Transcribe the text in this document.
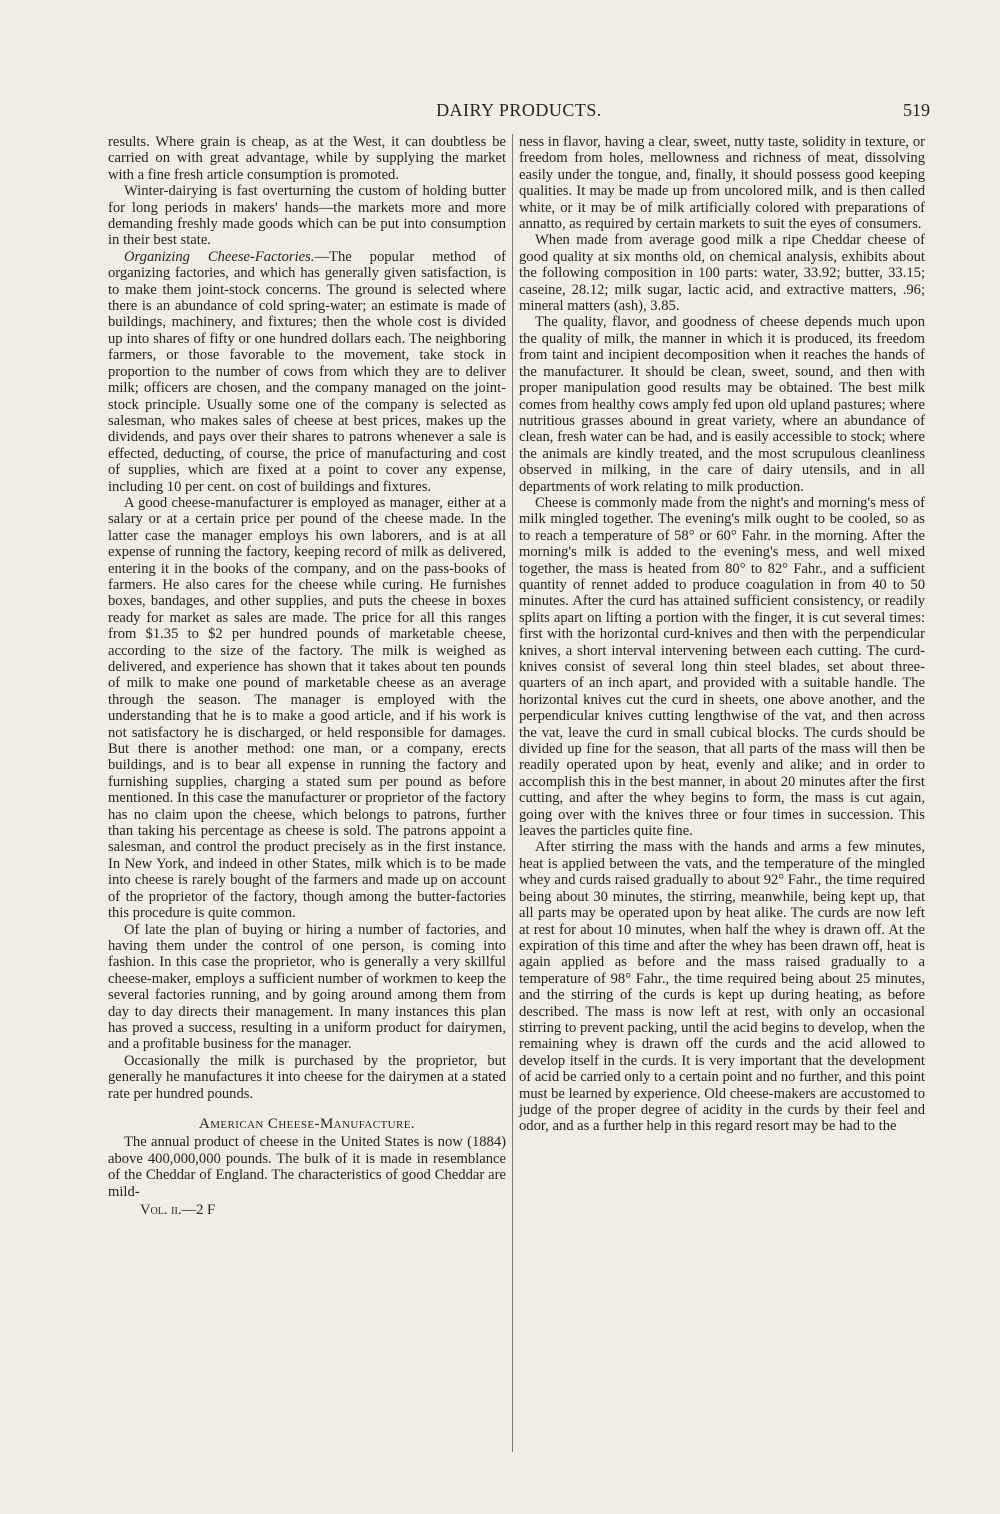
DAIRY PRODUCTS.	519

results. Where grain is cheap, as at the West, it can doubtless be carried on with great advantage, while by supplying the market with a fine fresh article consumption is promoted.

Winter-dairying is fast overturning the custom of holding butter for long periods in makers' hands—the markets more and more demanding freshly made goods which can be put into consumption in their best state.

Organizing Cheese-Factories.—The popular method of organizing factories, and which has generally given satisfaction, is to make them joint-stock concerns. The ground is selected where there is an abundance of cold spring-water; an estimate is made of buildings, machinery, and fixtures; then the whole cost is divided up into shares of fifty or one hundred dollars each. The neighboring farmers, or those favorable to the movement, take stock in proportion to the number of cows from which they are to deliver milk; officers are chosen, and the company managed on the joint-stock principle. Usually some one of the company is selected as salesman, who makes sales of cheese at best prices, makes up the dividends, and pays over their shares to patrons whenever a sale is effected, deducting, of course, the price of manufacturing and cost of supplies, which are fixed at a point to cover any expense, including 10 per cent. on cost of buildings and fixtures.

A good cheese-manufacturer is employed as manager, either at a salary or at a certain price per pound of the cheese made. In the latter case the manager employs his own laborers, and is at all expense of running the factory, keeping record of milk as delivered, entering it in the books of the company, and on the pass-books of farmers. He also cares for the cheese while curing. He furnishes boxes, bandages, and other supplies, and puts the cheese in boxes ready for market as sales are made. The price for all this ranges from $1.35 to $2 per hundred pounds of marketable cheese, according to the size of the factory. The milk is weighed as delivered, and experience has shown that it takes about ten pounds of milk to make one pound of marketable cheese as an average through the season. The manager is employed with the understanding that he is to make a good article, and if his work is not satisfactory he is discharged, or held responsible for damages. But there is another method: one man, or a company, erects buildings, and is to bear all expense in running the factory and furnishing supplies, charging a stated sum per pound as before mentioned. In this case the manufacturer or proprietor of the factory has no claim upon the cheese, which belongs to patrons, further than taking his percentage as cheese is sold. The patrons appoint a salesman, and control the product precisely as in the first instance. In New York, and indeed in other States, milk which is to be made into cheese is rarely bought of the farmers and made up on account of the proprietor of the factory, though among the butter-factories this procedure is quite common.

Of late the plan of buying or hiring a number of factories, and having them under the control of one person, is coming into fashion. In this case the proprietor, who is generally a very skillful cheese-maker, employs a sufficient number of workmen to keep the several factories running, and by going around among them from day to day directs their management. In many instances this plan has proved a success, resulting in a uniform product for dairymen, and a profitable business for the manager.

Occasionally the milk is purchased by the proprietor, but generally he manufactures it into cheese for the dairymen at a stated rate per hundred pounds.

American Cheese-Manufacture.

The annual product of cheese in the United States is now (1884) above 400,000,000 pounds. The bulk of it is made in resemblance of the Cheddar of England. The characteristics of good Cheddar are mild-

Vol. ii.—2 F

ness in flavor, having a clear, sweet, nutty taste, solidity in texture, or freedom from holes, mellowness and richness of meat, dissolving easily under the tongue, and, finally, it should possess good keeping qualities. It may be made up from uncolored milk, and is then called white, or it may be of milk artificially colored with preparations of annatto, as required by certain markets to suit the eyes of consumers.

When made from average good milk a ripe Cheddar cheese of good quality at six months old, on chemical analysis, exhibits about the following composition in 100 parts: water, 33.92; butter, 33.15; caseine, 28.12; milk sugar, lactic acid, and extractive matters, .96; mineral matters (ash), 3.85.

The quality, flavor, and goodness of cheese depends much upon the quality of milk, the manner in which it is produced, its freedom from taint and incipient decomposition when it reaches the hands of the manufacturer. It should be clean, sweet, sound, and then with proper manipulation good results may be obtained. The best milk comes from healthy cows amply fed upon old upland pastures; where nutritious grasses abound in great variety, where an abundance of clean, fresh water can be had, and is easily accessible to stock; where the animals are kindly treated, and the most scrupulous cleanliness observed in milking, in the care of dairy utensils, and in all departments of work relating to milk production.

Cheese is commonly made from the night's and morning's mess of milk mingled together. The evening's milk ought to be cooled, so as to reach a temperature of 58° or 60° Fahr. in the morning. After the morning's milk is added to the evening's mess, and well mixed together, the mass is heated from 80° to 82° Fahr., and a sufficient quantity of rennet added to produce coagulation in from 40 to 50 minutes. After the curd has attained sufficient consistency, or readily splits apart on lifting a portion with the finger, it is cut several times: first with the horizontal curd-knives and then with the perpendicular knives, a short interval intervening between each cutting. The curd-knives consist of several long thin steel blades, set about three-quarters of an inch apart, and provided with a suitable handle. The horizontal knives cut the curd in sheets, one above another, and the perpendicular knives cutting lengthwise of the vat, and then across the vat, leave the curd in small cubical blocks. The curds should be divided up fine for the season, that all parts of the mass will then be readily operated upon by heat, evenly and alike; and in order to accomplish this in the best manner, in about 20 minutes after the first cutting, and after the whey begins to form, the mass is cut again, going over with the knives three or four times in succession. This leaves the particles quite fine.

After stirring the mass with the hands and arms a few minutes, heat is applied between the vats, and the temperature of the mingled whey and curds raised gradually to about 92° Fahr., the time required being about 30 minutes, the stirring, meanwhile, being kept up, that all parts may be operated upon by heat alike. The curds are now left at rest for about 10 minutes, when half the whey is drawn off. At the expiration of this time and after the whey has been drawn off, heat is again applied as before and the mass raised gradually to a temperature of 98° Fahr., the time required being about 25 minutes, and the stirring of the curds is kept up during heating, as before described. The mass is now left at rest, with only an occasional stirring to prevent packing, until the acid begins to develop, when the remaining whey is drawn off the curds and the acid allowed to develop itself in the curds. It is very important that the development of acid be carried only to a certain point and no further, and this point must be learned by experience. Old cheese-makers are accustomed to judge of the proper degree of acidity in the curds by their feel and odor, and as a further help in this regard resort may be had to the
